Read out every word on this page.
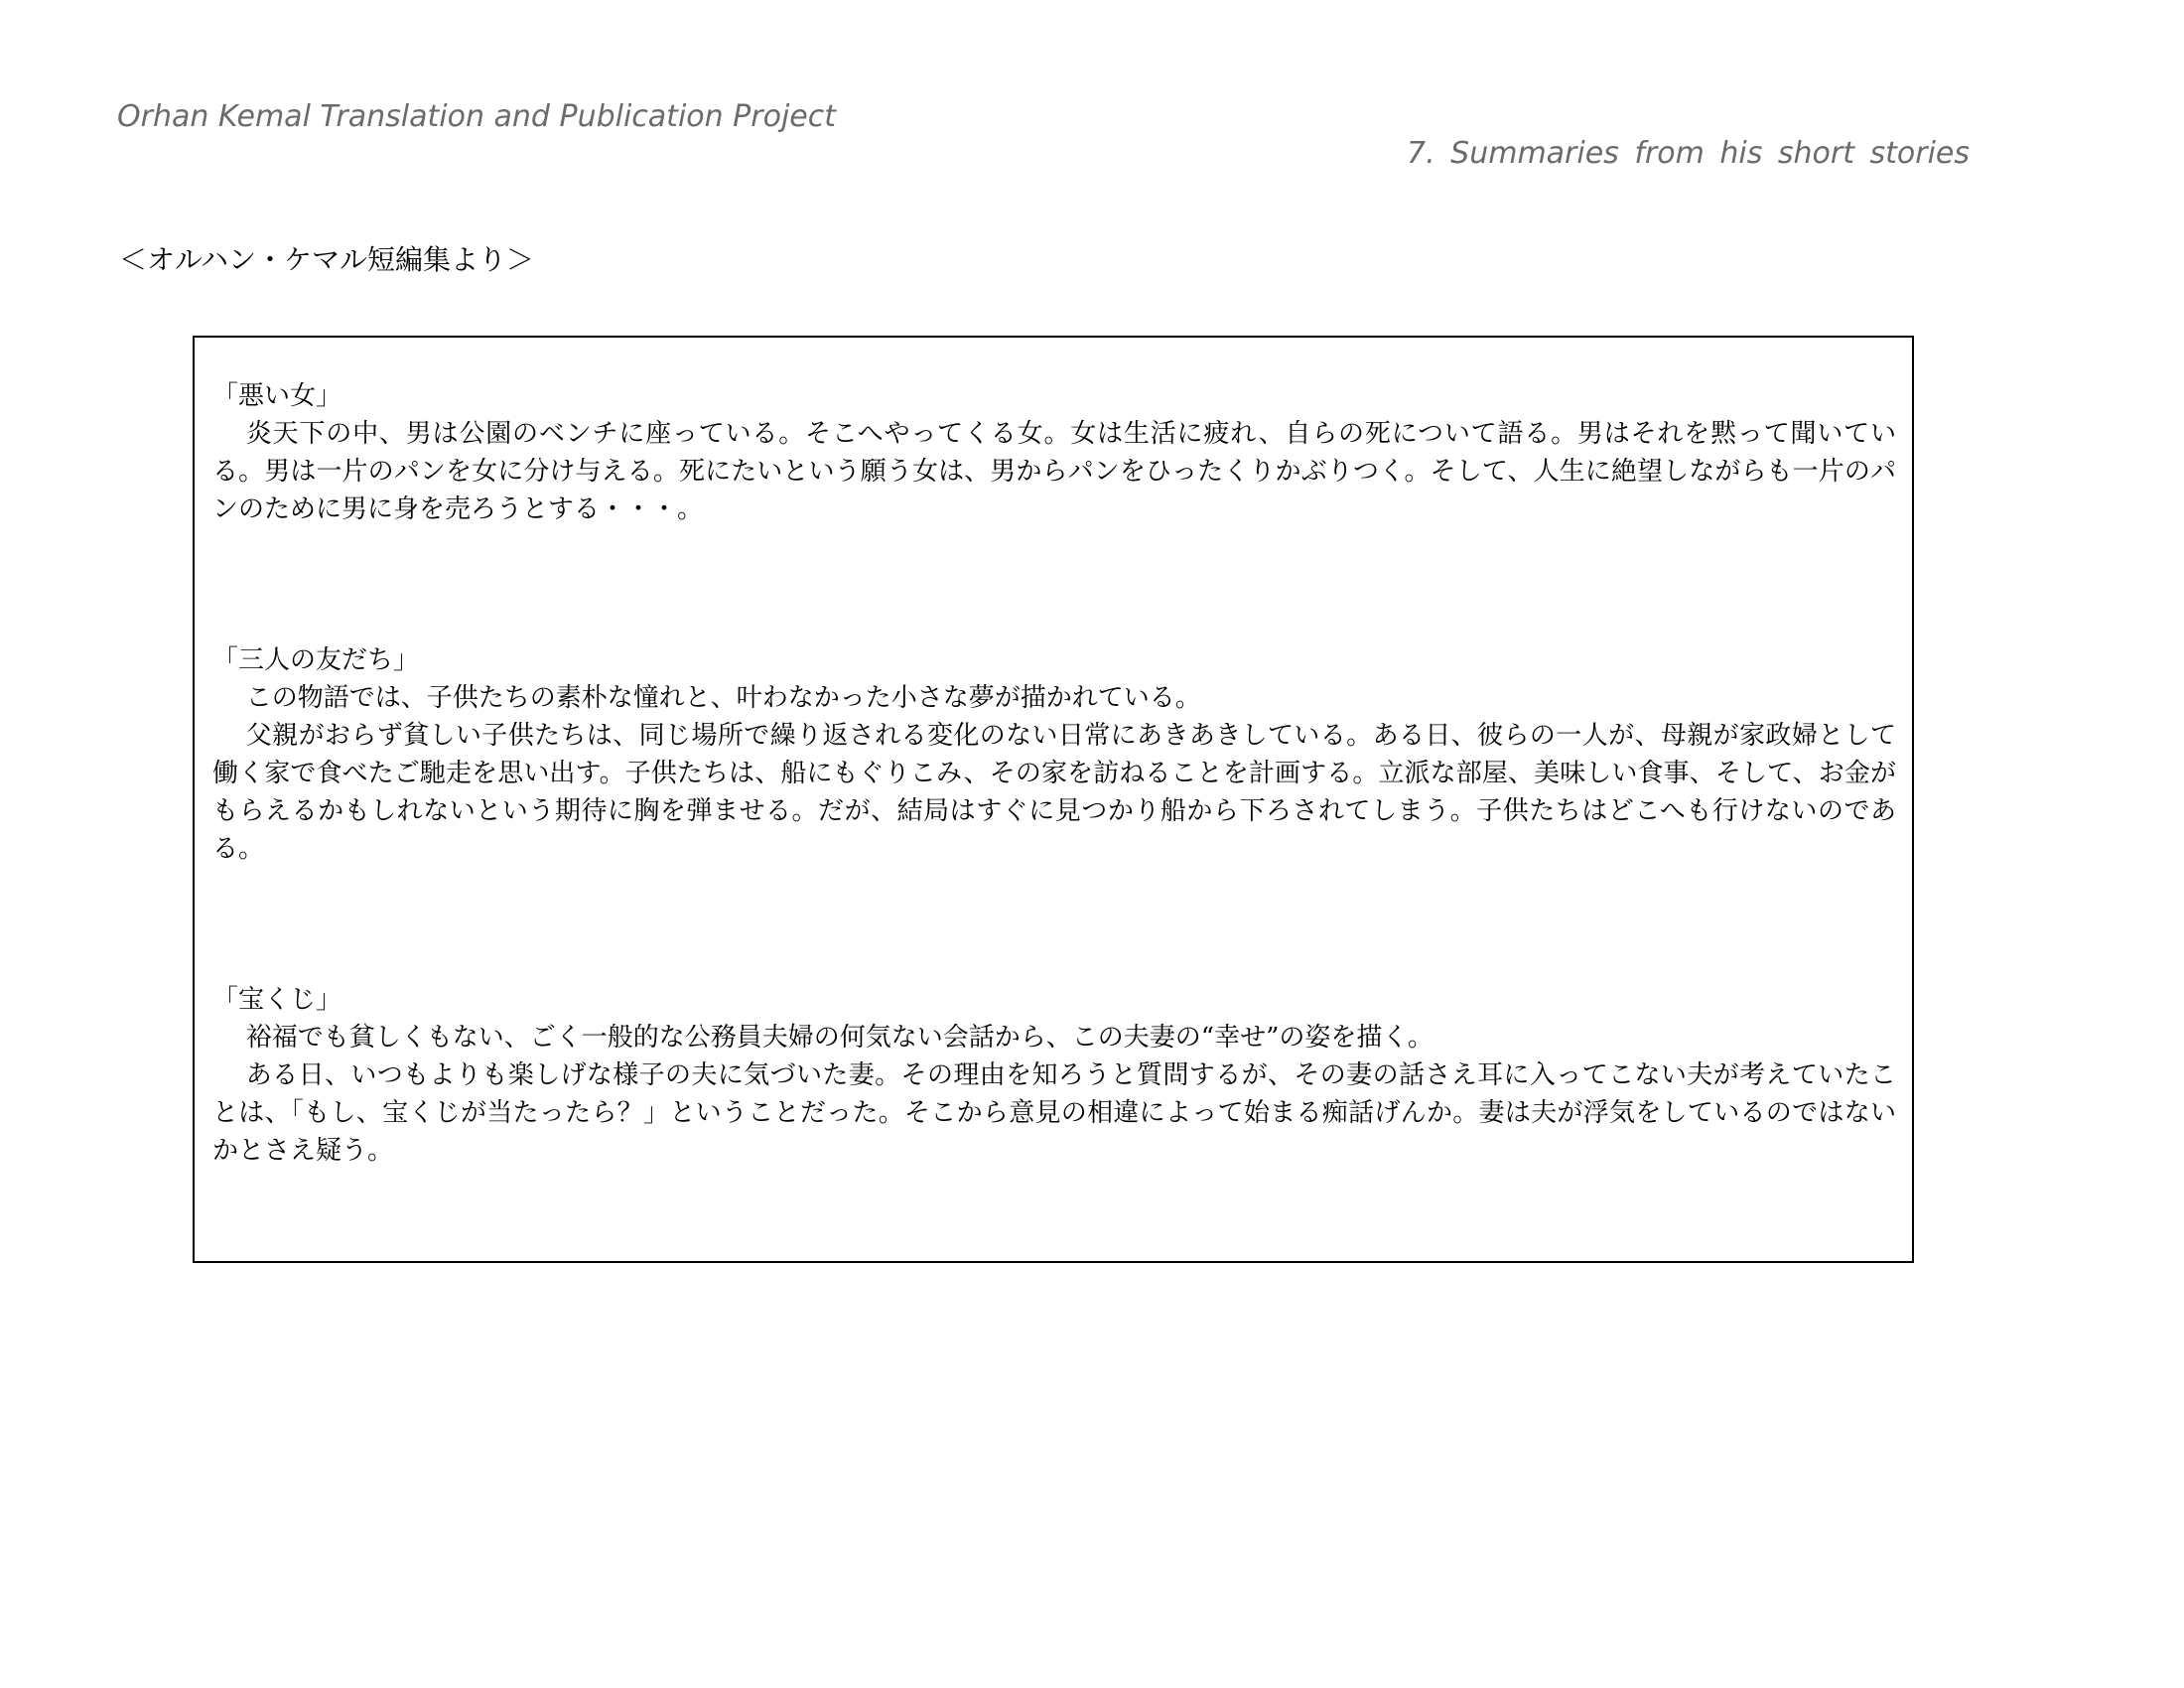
Orhan Kemal Translation and Publication Project
7. Summaries from his short stories
＜オルハン・ケマル短編集より＞

「悪い女」

炎天下の中、男は公園のベンチに座っている。そこへやってくる女。女は生活に疲れ、自らの死について語る。男はそれを黙って聞いている。男は一片のパンを女に分け与える。死にたいという願う女は、男からパンをひったくりかぶりつく。そして、人生に絶望しながらも一片のパンのために男に身を売ろうとする・・・。

「三人の友だち」

この物語では、子供たちの素朴な憧れと、叶わなかった小さな夢が描かれている。

父親がおらず貧しい子供たちは、同じ場所で繰り返される変化のない日常にあきあきしている。ある日、彼らの一人が、母親が家政婦として働く家で食べたご馳走を思い出す。子供たちは、船にもぐりこみ、その家を訪ねることを計画する。立派な部屋、美味しい食事、そして、お金がもらえるかもしれないという期待に胸を弾ませる。だが、結局はすぐに見つかり船から下ろされてしまう。子供たちはどこへも行けないのである。

「宝くじ」

裕福でも貧しくもない、ごく一般的な公務員夫婦の何気ない会話から、この夫妻の“幸せ”の姿を描く。

ある日、いつもよりも楽しげな様子の夫に気づいた妻。その理由を知ろうと質問するが、その妻の話さえ耳に入ってこない夫が考えていたことは、「もし、宝くじが当たったら？」ということだった。そこから意見の相違によって始まる痴話げんか。妻は夫が浮気をしているのではないかとさえ疑う。
